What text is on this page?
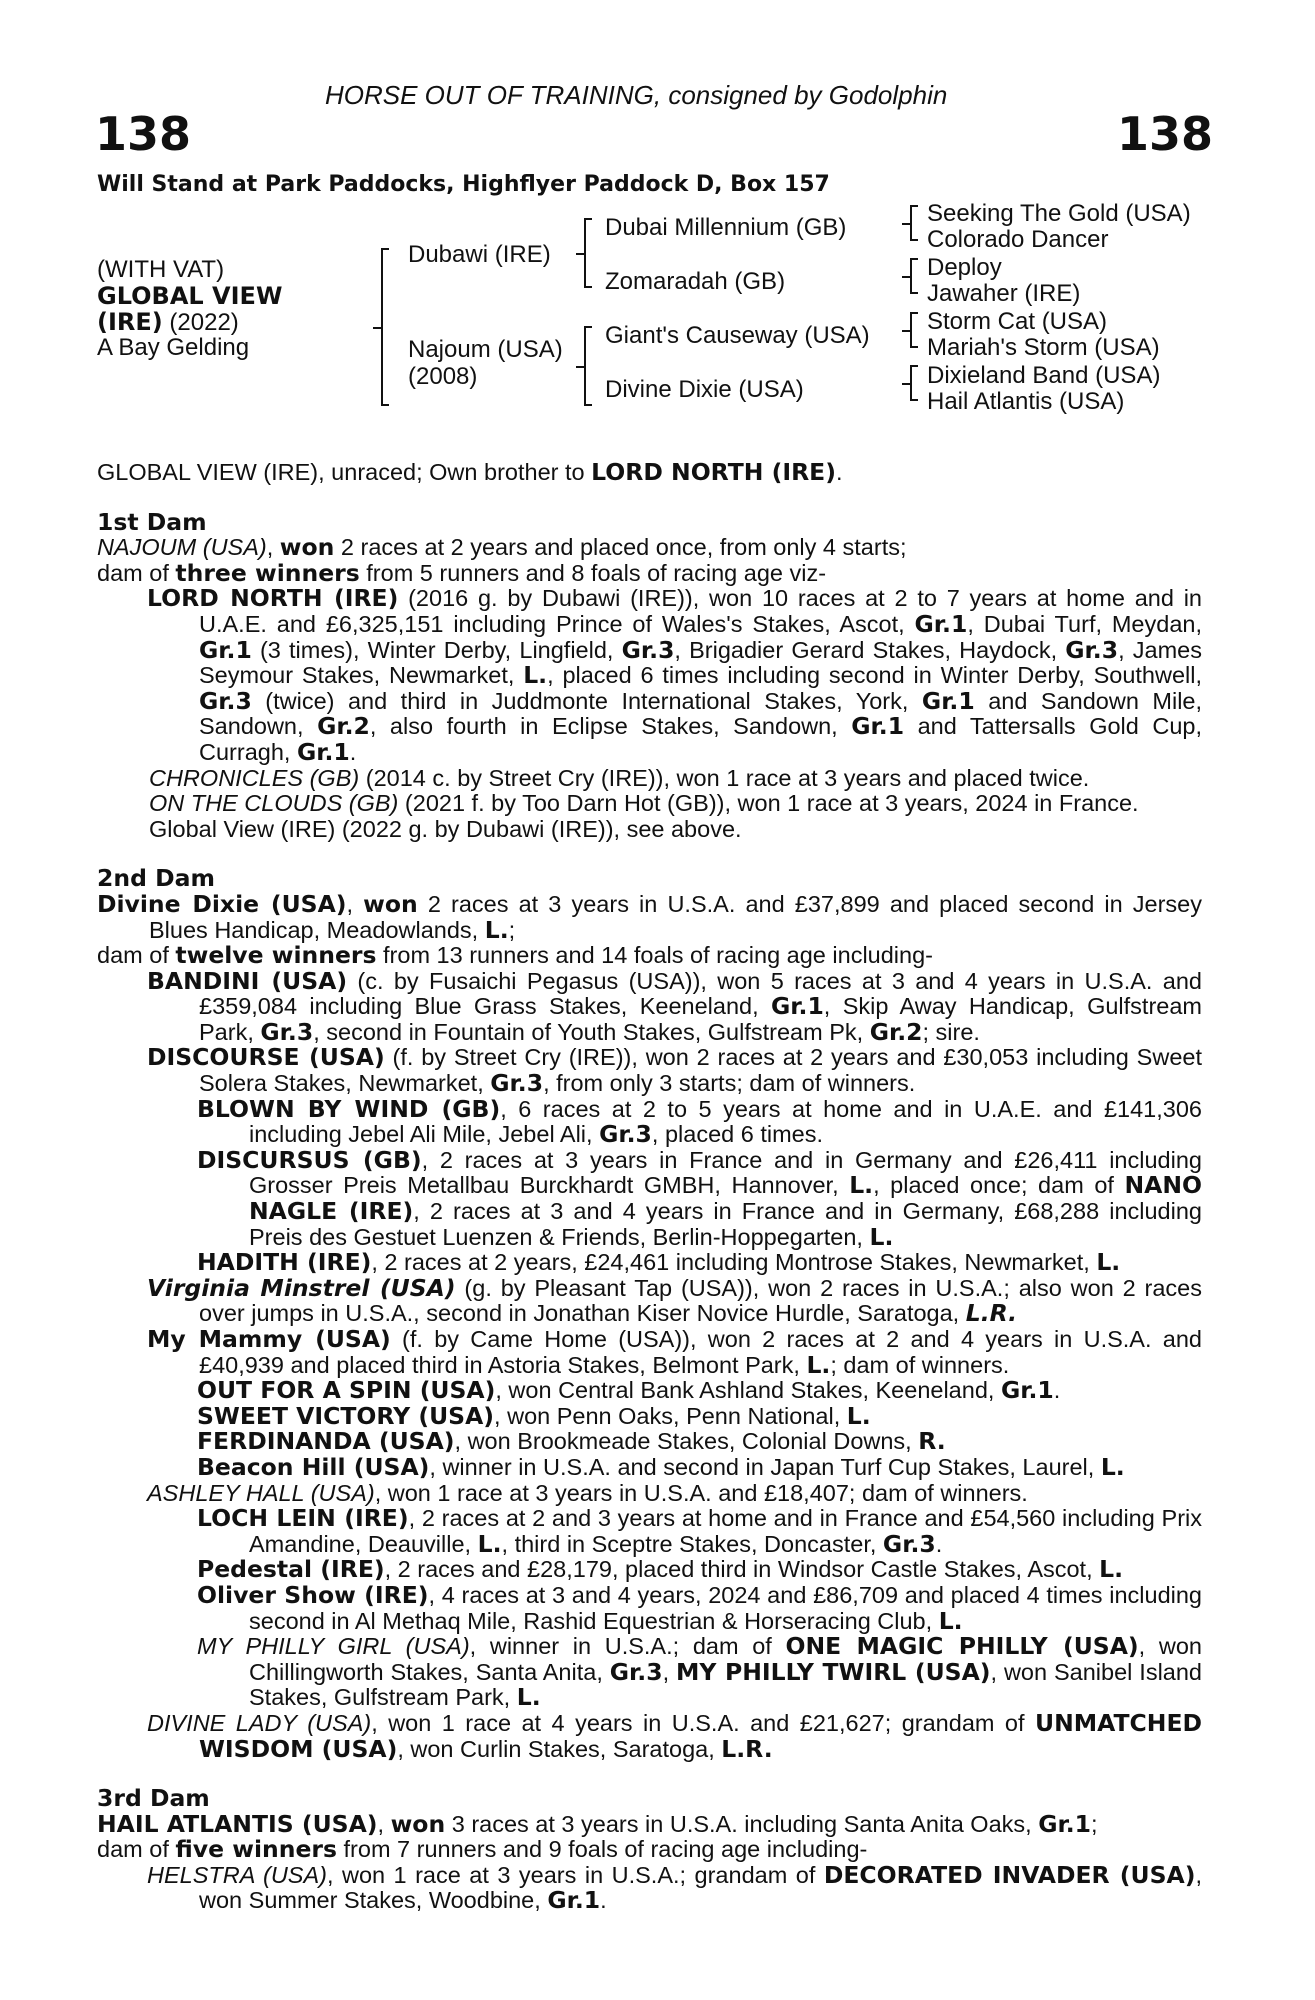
HORSE OUT OF TRAINING, consigned by Godolphin
138	138
Will Stand at Park Paddocks, Highflyer Paddock D, Box 157
(WITH VAT)
GLOBAL VIEW
(IRE) (2022)
A Bay Gelding
Dubawi (IRE)
Najoum (USA)
(2008)
Dubai Millennium (GB)
Zomaradah (GB)
Giant's Causeway (USA)
Divine Dixie (USA)
Seeking The Gold (USA)
Colorado Dancer
Deploy
Jawaher (IRE)
Storm Cat (USA)
Mariah's Storm (USA)
Dixieland Band (USA)
Hail Atlantis (USA)

GLOBAL VIEW (IRE), unraced; Own brother to LORD NORTH (IRE).

1st Dam

NAJOUM (USA), won 2 races at 2 years and placed once, from only 4 starts;

dam of three winners from 5 runners and 8 foals of racing age viz-

LORD NORTH (IRE) (2016 g. by Dubawi (IRE)), won 10 races at 2 to 7 years at home and in U.A.E. and £6,325,151 including Prince of Wales's Stakes, Ascot, Gr.1, Dubai Turf, Meydan, Gr.1 (3 times), Winter Derby, Lingfield, Gr.3, Brigadier Gerard Stakes, Haydock, Gr.3, James Seymour Stakes, Newmarket, L., placed 6 times including second in Winter Derby, Southwell, Gr.3 (twice) and third in Juddmonte International Stakes, York, Gr.1 and Sandown Mile, Sandown, Gr.2, also fourth in Eclipse Stakes, Sandown, Gr.1 and Tattersalls Gold Cup, Curragh, Gr.1.

CHRONICLES (GB) (2014 c. by Street Cry (IRE)), won 1 race at 3 years and placed twice.

ON THE CLOUDS (GB) (2021 f. by Too Darn Hot (GB)), won 1 race at 3 years, 2024 in France.

Global View (IRE) (2022 g. by Dubawi (IRE)), see above.

2nd Dam

Divine Dixie (USA), won 2 races at 3 years in U.S.A. and £37,899 and placed second in Jersey Blues Handicap, Meadowlands, L.;

dam of twelve winners from 13 runners and 14 foals of racing age including-

BANDINI (USA) (c. by Fusaichi Pegasus (USA)), won 5 races at 3 and 4 years in U.S.A. and £359,084 including Blue Grass Stakes, Keeneland, Gr.1, Skip Away Handicap, Gulfstream Park, Gr.3, second in Fountain of Youth Stakes, Gulfstream Pk, Gr.2; sire.

DISCOURSE (USA) (f. by Street Cry (IRE)), won 2 races at 2 years and £30,053 including Sweet Solera Stakes, Newmarket, Gr.3, from only 3 starts; dam of winners.

BLOWN BY WIND (GB), 6 races at 2 to 5 years at home and in U.A.E. and £141,306 including Jebel Ali Mile, Jebel Ali, Gr.3, placed 6 times.

DISCURSUS (GB), 2 races at 3 years in France and in Germany and £26,411 including Grosser Preis Metallbau Burckhardt GMBH, Hannover, L., placed once; dam of NANO NAGLE (IRE), 2 races at 3 and 4 years in France and in Germany, £68,288 including Preis des Gestuet Luenzen & Friends, Berlin-Hoppegarten, L.

HADITH (IRE), 2 races at 2 years, £24,461 including Montrose Stakes, Newmarket, L.

Virginia Minstrel (USA) (g. by Pleasant Tap (USA)), won 2 races in U.S.A.; also won 2 races over jumps in U.S.A., second in Jonathan Kiser Novice Hurdle, Saratoga, L.R.

My Mammy (USA) (f. by Came Home (USA)), won 2 races at 2 and 4 years in U.S.A. and £40,939 and placed third in Astoria Stakes, Belmont Park, L.; dam of winners.

OUT FOR A SPIN (USA), won Central Bank Ashland Stakes, Keeneland, Gr.1.

SWEET VICTORY (USA), won Penn Oaks, Penn National, L.

FERDINANDA (USA), won Brookmeade Stakes, Colonial Downs, R.

Beacon Hill (USA), winner in U.S.A. and second in Japan Turf Cup Stakes, Laurel, L.

ASHLEY HALL (USA), won 1 race at 3 years in U.S.A. and £18,407; dam of winners.

LOCH LEIN (IRE), 2 races at 2 and 3 years at home and in France and £54,560 including Prix Amandine, Deauville, L., third in Sceptre Stakes, Doncaster, Gr.3.

Pedestal (IRE), 2 races and £28,179, placed third in Windsor Castle Stakes, Ascot, L.

Oliver Show (IRE), 4 races at 3 and 4 years, 2024 and £86,709 and placed 4 times including second in Al Methaq Mile, Rashid Equestrian & Horseracing Club, L.

MY PHILLY GIRL (USA), winner in U.S.A.; dam of ONE MAGIC PHILLY (USA), won Chillingworth Stakes, Santa Anita, Gr.3, MY PHILLY TWIRL (USA), won Sanibel Island Stakes, Gulfstream Park, L.

DIVINE LADY (USA), won 1 race at 4 years in U.S.A. and £21,627; grandam of UNMATCHED WISDOM (USA), won Curlin Stakes, Saratoga, L.R.

3rd Dam

HAIL ATLANTIS (USA), won 3 races at 3 years in U.S.A. including Santa Anita Oaks, Gr.1;

dam of five winners from 7 runners and 9 foals of racing age including-

HELSTRA (USA), won 1 race at 3 years in U.S.A.; grandam of DECORATED INVADER (USA), won Summer Stakes, Woodbine, Gr.1.
